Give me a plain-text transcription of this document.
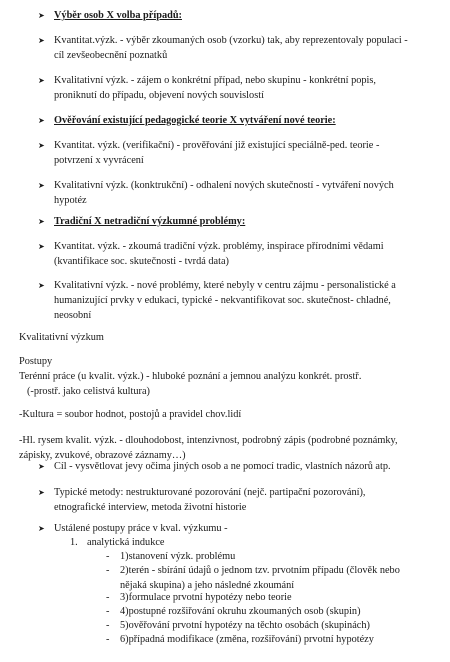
➤ Výběr osob X volba případů:
➤ Kvantitat.výzk. - výběr zkoumaných osob (vzorku) tak, aby reprezentovaly populaci -
cíl zevšeobecnění poznatků
➤ Kvalitativní výzk. - zájem o konkrétní případ, nebo skupinu - konkrétní popis,
proniknutí do případu, objevení nových souvislostí
➤ Ověřování existující pedagogické teorie X vytváření nové teorie:
➤ Kvantitat. výzk. (verifikační) - prověřování již existující speciálně-ped. teorie -
potvrzení x vyvrácení
➤ Kvalitativní výzk. (konktrukční) - odhalení nových skutečností - vytváření nových
hypotéz
➤ Tradiční X netradiční výzkumné problémy:
➤ Kvantitat. výzk. - zkoumá tradiční výzk. problémy, inspirace přírodními vědami
(kvantifikace soc. skutečnosti - tvrdá data)
➤ Kvalitativní výzk. - nové problémy, které nebyly v centru zájmu - personalistické a
humanizující prvky v edukaci, typické - nekvantifikovat soc. skutečnost- chladné,
neosobní
Kvalitativní výzkum
Postupy
Terénní práce (u kvalit. výzk.) - hluboké poznání a jemnou analýzu konkrét. prostř.
(-prostř. jako celistvá kultura)
-Kultura = soubor hodnot, postojů a pravidel chov.lidí
-Hl. rysem kvalit. výzk. - dlouhodobost, intenzivnost, podrobný zápis (podrobné poznámky,
zápisky, zvukové, obrazové záznamy…)
➤ Cíl - vysvětlovat jevy očima jiných osob a ne pomocí tradic, vlastních názorů atp.
➤ Typické metody: nestrukturované pozorování (nejč. partipační pozorování),
etnografické interview, metoda životní historie
➤ Ustálené postupy práce v kval. výzkumu -
1. analytická indukce
-	1)stanovení výzk. problému
-	2)terén - sbírání údajů o jednom tzv. prvotním případu (člověk nebo
nějaká skupina) a jeho následné zkoumání
-	3)formulace prvotní hypotézy nebo teorie
-	4)postupné rozšiřování okruhu zkoumaných osob (skupin)
-	5)ověřování prvotní hypotézy na těchto osobách (skupinách)
-	6)případná modifikace (změna, rozšiřování) prvotní hypotézy
